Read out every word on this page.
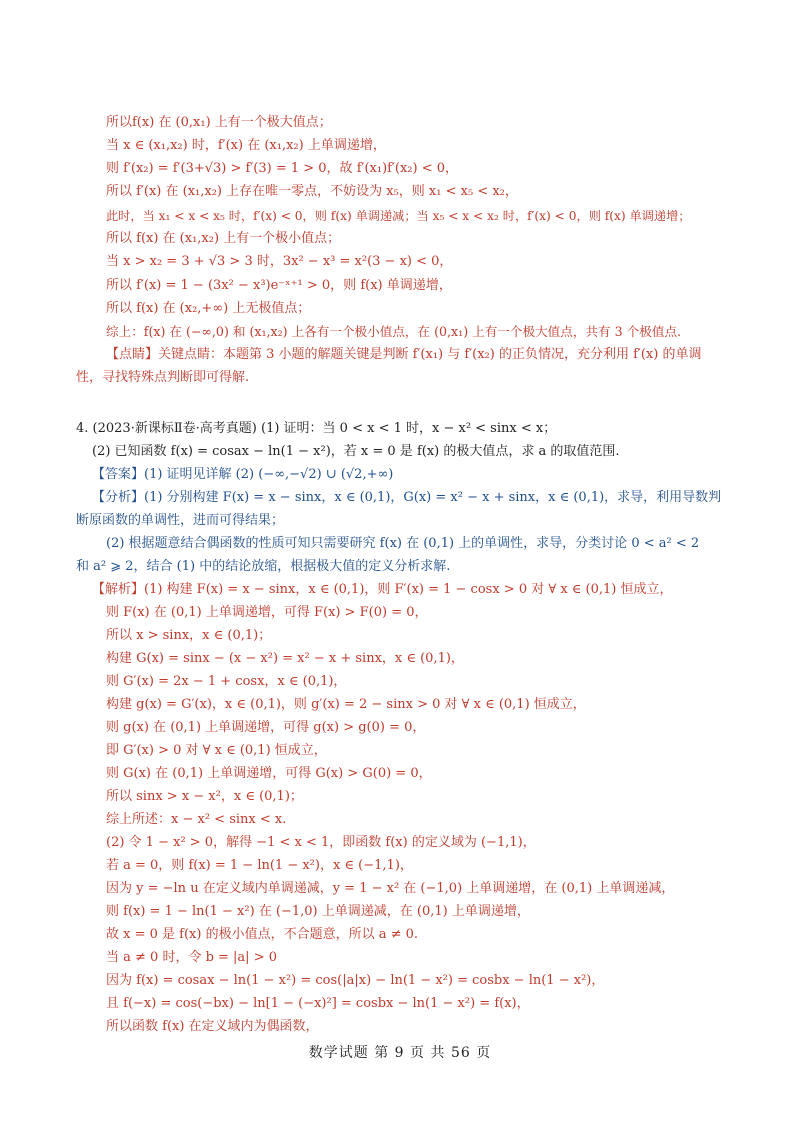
所以f(x) 在 (0,x₁) 上有一个极大值点；
当 x ∈ (x₁,x₂) 时，f′(x) 在 (x₁,x₂) 上单调递增，
则 f′(x₂) = f′(3+√3) > f′(3) = 1 > 0，故 f′(x₁)f′(x₂) < 0，
所以 f′(x) 在 (x₁,x₂) 上存在唯一零点，不妨设为 x₅，则 x₁ < x₅ < x₂，
此时，当 x₁ < x < x₅ 时，f′(x) < 0，则 f(x) 单调递减；当 x₅ < x < x₂ 时，f′(x) < 0，则 f(x) 单调递增；
所以 f(x) 在 (x₁,x₂) 上有一个极小值点；
当 x > x₂ = 3 + √3 > 3 时，3x² − x³ = x²(3 − x) < 0，
所以 f′(x) = 1 − (3x² − x³)e⁻ˣ⁺¹ > 0，则 f(x) 单调递增，
所以 f(x) 在 (x₂,+∞) 上无极值点；
综上：f(x) 在 (−∞,0) 和 (x₁,x₂) 上各有一个极小值点，在 (0,x₁) 上有一个极大值点，共有 3 个极值点.
【点睛】关键点睛：本题第 3 小题的解题关键是判断 f′(x₁) 与 f′(x₂) 的正负情况，充分利用 f′(x) 的单调
性，寻找特殊点判断即可得解.
4. (2023·新课标Ⅱ卷·高考真题) (1) 证明：当 0 < x < 1 时，x − x² < sinx < x；
(2) 已知函数 f(x) = cosax − ln(1 − x²)，若 x = 0 是 f(x) 的极大值点，求 a 的取值范围.
【答案】(1) 证明见详解 (2) (−∞,−√2) ∪ (√2,+∞)
【分析】(1) 分别构建 F(x) = x − sinx，x ∈ (0,1)，G(x) = x² − x + sinx，x ∈ (0,1)，求导，利用导数判
断原函数的单调性，进而可得结果；
(2) 根据题意结合偶函数的性质可知只需要研究 f(x) 在 (0,1) 上的单调性，求导，分类讨论 0 < a² < 2
和 a² ⩾ 2，结合 (1) 中的结论放缩，根据极大值的定义分析求解.
【解析】(1) 构建 F(x) = x − sinx，x ∈ (0,1)，则 F′(x) = 1 − cosx > 0 对 ∀ x ∈ (0,1) 恒成立，
则 F(x) 在 (0,1) 上单调递增，可得 F(x) > F(0) = 0，
所以 x > sinx，x ∈ (0,1)；
构建 G(x) = sinx − (x − x²) = x² − x + sinx，x ∈ (0,1)，
则 G′(x) = 2x − 1 + cosx，x ∈ (0,1)，
构建 g(x) = G′(x)，x ∈ (0,1)，则 g′(x) = 2 − sinx > 0 对 ∀ x ∈ (0,1) 恒成立，
则 g(x) 在 (0,1) 上单调递增，可得 g(x) > g(0) = 0，
即 G′(x) > 0 对 ∀ x ∈ (0,1) 恒成立，
则 G(x) 在 (0,1) 上单调递增，可得 G(x) > G(0) = 0，
所以 sinx > x − x²，x ∈ (0,1)；
综上所述：x − x² < sinx < x.
(2) 令 1 − x² > 0，解得 −1 < x < 1，即函数 f(x) 的定义域为 (−1,1)，
若 a = 0，则 f(x) = 1 − ln(1 − x²)，x ∈ (−1,1)，
因为 y = −ln u 在定义域内单调递减，y = 1 − x² 在 (−1,0) 上单调递增，在 (0,1) 上单调递减，
则 f(x) = 1 − ln(1 − x²) 在 (−1,0) 上单调递减，在 (0,1) 上单调递增，
故 x = 0 是 f(x) 的极小值点，不合题意，所以 a ≠ 0.
当 a ≠ 0 时，令 b = |a| > 0
因为 f(x) = cosax − ln(1 − x²) = cos(|a|x) − ln(1 − x²) = cosbx − ln(1 − x²)，
且 f(−x) = cos(−bx) − ln[1 − (−x)²] = cosbx − ln(1 − x²) = f(x)，
所以函数 f(x) 在定义域内为偶函数，
数学试题 第 9 页 共 56 页
